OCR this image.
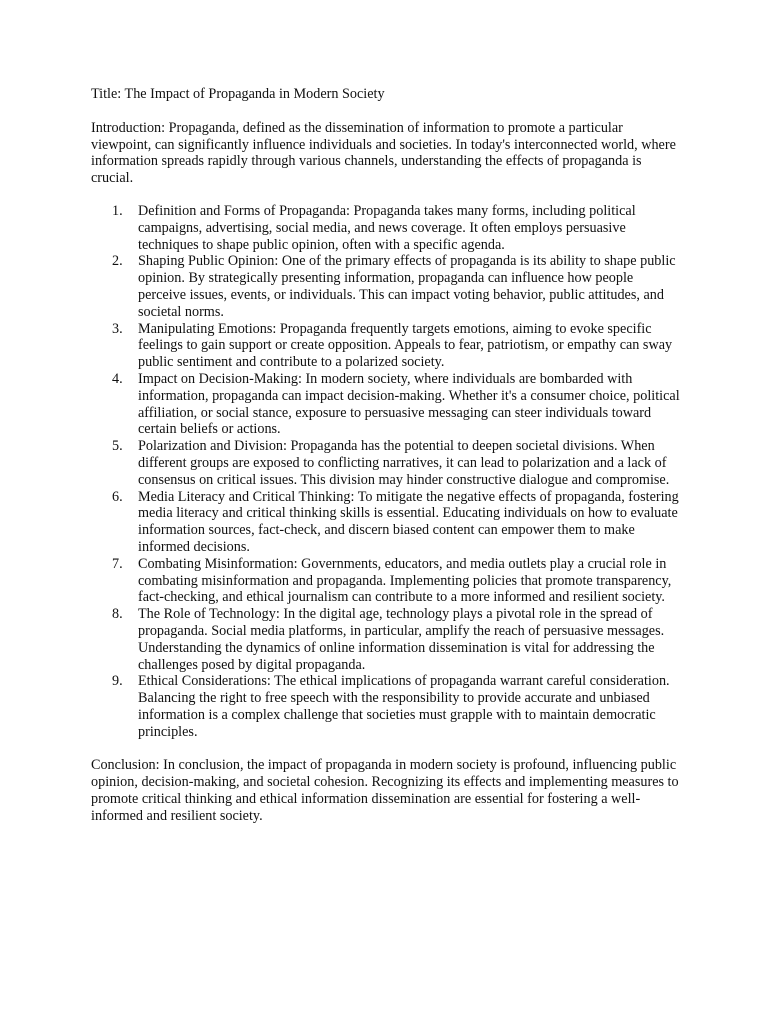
Title: The Impact of Propaganda in Modern Society

Introduction: Propaganda, defined as the dissemination of information to promote a particular viewpoint, can significantly influence individuals and societies. In today's interconnected world, where information spreads rapidly through various channels, understanding the effects of propaganda is crucial.

1. Definition and Forms of Propaganda: Propaganda takes many forms, including political campaigns, advertising, social media, and news coverage. It often employs persuasive techniques to shape public opinion, often with a specific agenda.
2. Shaping Public Opinion: One of the primary effects of propaganda is its ability to shape public opinion. By strategically presenting information, propaganda can influence how people perceive issues, events, or individuals. This can impact voting behavior, public attitudes, and societal norms.
3. Manipulating Emotions: Propaganda frequently targets emotions, aiming to evoke specific feelings to gain support or create opposition. Appeals to fear, patriotism, or empathy can sway public sentiment and contribute to a polarized society.
4. Impact on Decision-Making: In modern society, where individuals are bombarded with information, propaganda can impact decision-making. Whether it's a consumer choice, political affiliation, or social stance, exposure to persuasive messaging can steer individuals toward certain beliefs or actions.
5. Polarization and Division: Propaganda has the potential to deepen societal divisions. When different groups are exposed to conflicting narratives, it can lead to polarization and a lack of consensus on critical issues. This division may hinder constructive dialogue and compromise.
6. Media Literacy and Critical Thinking: To mitigate the negative effects of propaganda, fostering media literacy and critical thinking skills is essential. Educating individuals on how to evaluate information sources, fact-check, and discern biased content can empower them to make informed decisions.
7. Combating Misinformation: Governments, educators, and media outlets play a crucial role in combating misinformation and propaganda. Implementing policies that promote transparency, fact-checking, and ethical journalism can contribute to a more informed and resilient society.
8. The Role of Technology: In the digital age, technology plays a pivotal role in the spread of propaganda. Social media platforms, in particular, amplify the reach of persuasive messages. Understanding the dynamics of online information dissemination is vital for addressing the challenges posed by digital propaganda.
9. Ethical Considerations: The ethical implications of propaganda warrant careful consideration. Balancing the right to free speech with the responsibility to provide accurate and unbiased information is a complex challenge that societies must grapple with to maintain democratic principles.

Conclusion: In conclusion, the impact of propaganda in modern society is profound, influencing public opinion, decision-making, and societal cohesion. Recognizing its effects and implementing measures to promote critical thinking and ethical information dissemination are essential for fostering a well-informed and resilient society.
